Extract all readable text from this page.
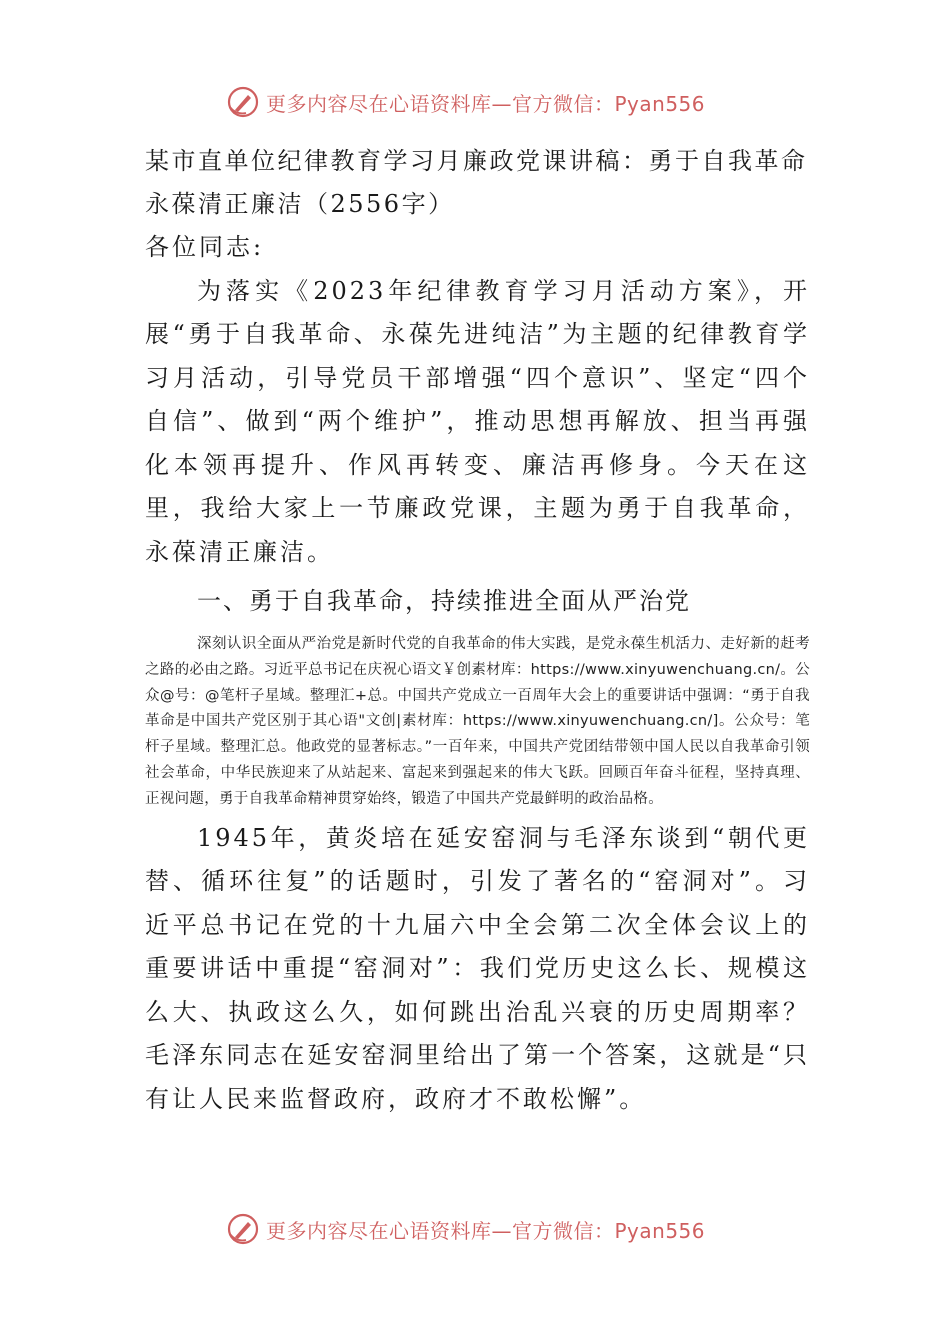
更多内容尽在心语资料库—官方微信：Pyan556
某市直单位纪律教育学习月廉政党课讲稿：勇于自我革命永葆清正廉洁（2556字）

各位同志:

为落实《2023年纪律教育学习月活动方案》，开展“勇于自我革命、永葆先进纯洁”为主题的纪律教育学习月活动，引导党员干部增强“四个意识”、坚定“四个自信”、做到“两个维护”，推动思想再解放、担当再强化本领再提升、作风再转变、廉洁再修身。今天在这里，我给大家上一节廉政党课，主题为勇于自我革命，永葆清正廉洁。

一、勇于自我革命，持续推进全面从严治党

深刻认识全面从严治党是新时代党的自我革命的伟大实践，是党永葆生机活力、走好新的赶考之路的必由之路。习近平总书记在庆祝心语文￥创素材库：https://www.xinyuwenchuang.cn/。公众@号：@笔杆子星域。整理汇+总。中国共产党成立一百周年大会上的重要讲话中强调：“勇于自我革命是中国共产党区别于其心语"文创|素材库：https://www.xinyuwenchuang.cn/]。公众号：笔杆子星域。整理汇总。他政党的显著标志。”一百年来，中国共产党团结带领中国人民以自我革命引领社会革命，中华民族迎来了从站起来、富起来到强起来的伟大飞跃。回顾百年奋斗征程，坚持真理、正视问题，勇于自我革命精神贯穿始终，锻造了中国共产党最鲜明的政治品格。

1945年，黄炎培在延安窑洞与毛泽东谈到“朝代更替、循环往复”的话题时，引发了著名的“窑洞对”。习近平总书记在党的十九届六中全会第二次全体会议上的重要讲话中重提“窑洞对”：我们党历史这么长、规模这么大、执政这么久，如何跳出治乱兴衰的历史周期率？毛泽东同志在延安窑洞里给出了第一个答案，这就是“只有让人民来监督政府，政府才不敢松懈”。

更多内容尽在心语资料库—官方微信：Pyan556
